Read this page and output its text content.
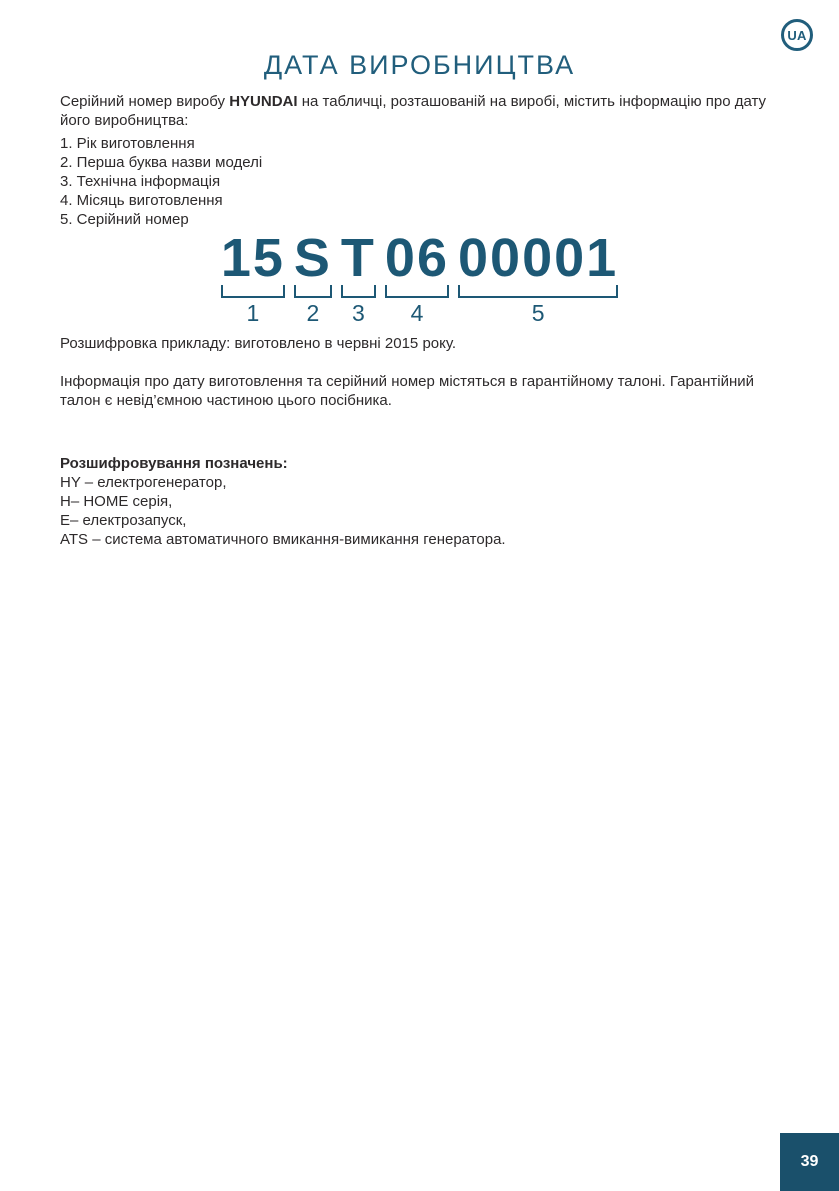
UA
ДАТА ВИРОБНИЦТВА

Серійний номер виробу HYUNDAI на табличці, розташованій на виробі, містить інформацію про дату його виробництва:

1. Рік виготовлення
2. Перша буква назви моделі
3. Технічна інформація
4. Місяць виготовлення
5. Серійний номер
15
1
S
2
T
3
06
4
00001
5

Розшифровка прикладу: виготовлено в червні 2015 року.

Інформація про дату виготовлення та серійний номер містяться в гарантійному талоні. Гарантійний талон є невід’ємною частиною цього посібника.

Розшифровування позначень:

HY – електрогенератор,
H– HOME серія,
E– електрозапуск,
ATS – система автоматичного вмикання-вимикання генератора.
39
